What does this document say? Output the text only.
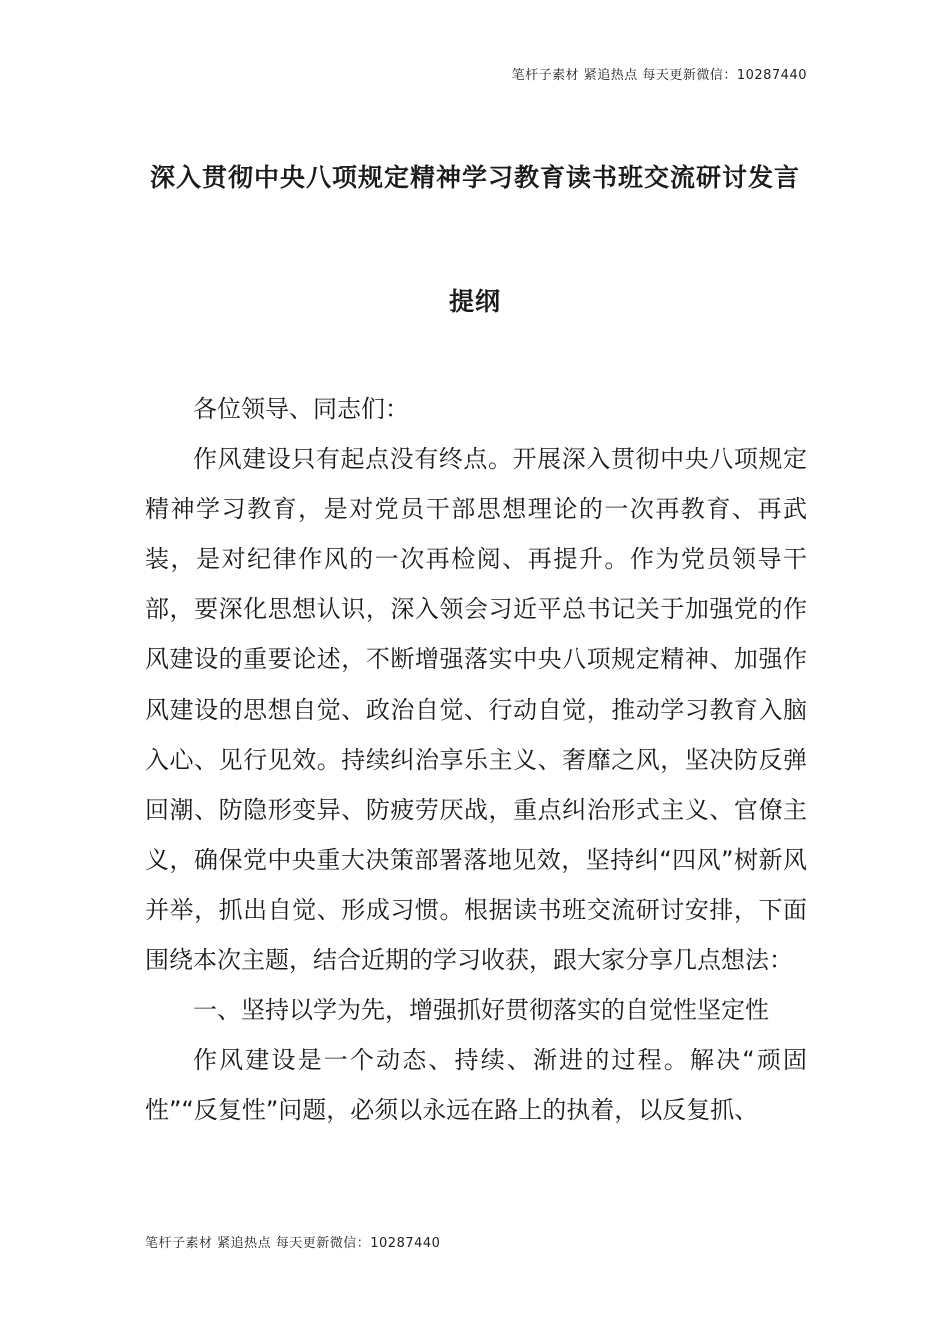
笔杆子素材 紧追热点 每天更新微信：10287440
深入贯彻中央八项规定精神学习教育读书班交流研讨发言
提纲

各位领导、同志们：

作风建设只有起点没有终点。开展深入贯彻中央八项规定精神学习教育，是对党员干部思想理论的一次再教育、再武装，是对纪律作风的一次再检阅、再提升。作为党员领导干部，要深化思想认识，深入领会习近平总书记关于加强党的作风建设的重要论述，不断增强落实中央八项规定精神、加强作风建设的思想自觉、政治自觉、行动自觉，推动学习教育入脑入心、见行见效。持续纠治享乐主义、奢靡之风，坚决防反弹回潮、防隐形变异、防疲劳厌战，重点纠治形式主义、官僚主义，确保党中央重大决策部署落地见效，坚持纠“四风”树新风并举，抓出自觉、形成习惯。根据读书班交流研讨安排，下面围绕本次主题，结合近期的学习收获，跟大家分享几点想法：

一、坚持以学为先，增强抓好贯彻落实的自觉性坚定性

作风建设是一个动态、持续、渐进的过程。解决“顽固性”“反复性”问题，必须以永远在路上的执着，以反复抓、

笔杆子素材 紧追热点 每天更新微信：10287440
